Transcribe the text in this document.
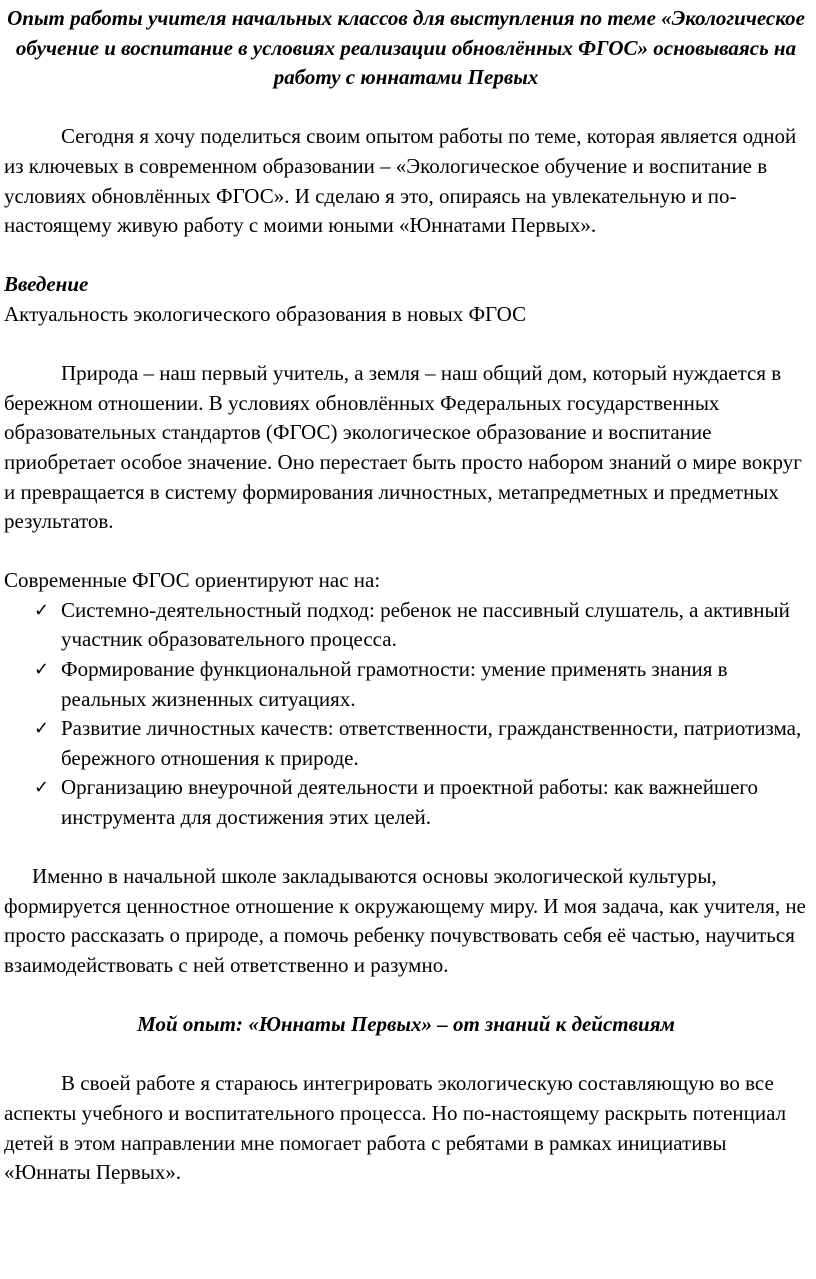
Опыт работы учителя начальных классов для выступления по теме «Экологическое обучение и воспитание в условиях реализации обновлённых ФГОС» основываясь на работу с юннатами Первых

Сегодня я хочу поделиться своим опытом работы по теме, которая является одной из ключевых в современном образовании – «Экологическое обучение и воспитание в условиях обновлённых ФГОС». И сделаю я это, опираясь на увлекательную и по-настоящему живую работу с моими юными «Юннатами Первых».

Введение

Актуальность экологического образования в новых ФГОС

Природа – наш первый учитель, а земля – наш общий дом, который нуждается в бережном отношении. В условиях обновлённых Федеральных государственных образовательных стандартов (ФГОС) экологическое образование и воспитание приобретает особое значение. Оно перестает быть просто набором знаний о мире вокруг и превращается в систему формирования личностных, метапредметных и предметных результатов.

Современные ФГОС ориентируют нас на:

✓ Системно-деятельностный подход: ребенок не пассивный слушатель, а активный участник образовательного процесса.
✓ Формирование функциональной грамотности: умение применять знания в реальных жизненных ситуациях.
✓ Развитие личностных качеств: ответственности, гражданственности, патриотизма, бережного отношения к природе.
✓ Организацию внеурочной деятельности и проектной работы: как важнейшего инструмента для достижения этих целей.

Именно в начальной школе закладываются основы экологической культуры, формируется ценностное отношение к окружающему миру. И моя задача, как учителя, не просто рассказать о природе, а помочь ребенку почувствовать себя её частью, научиться взаимодействовать с ней ответственно и разумно.

Мой опыт: «Юннаты Первых» – от знаний к действиям

В своей работе я стараюсь интегрировать экологическую составляющую во все аспекты учебного и воспитательного процесса. Но по-настоящему раскрыть потенциал детей в этом направлении мне помогает работа с ребятами в рамках инициативы «Юннаты Первых».
